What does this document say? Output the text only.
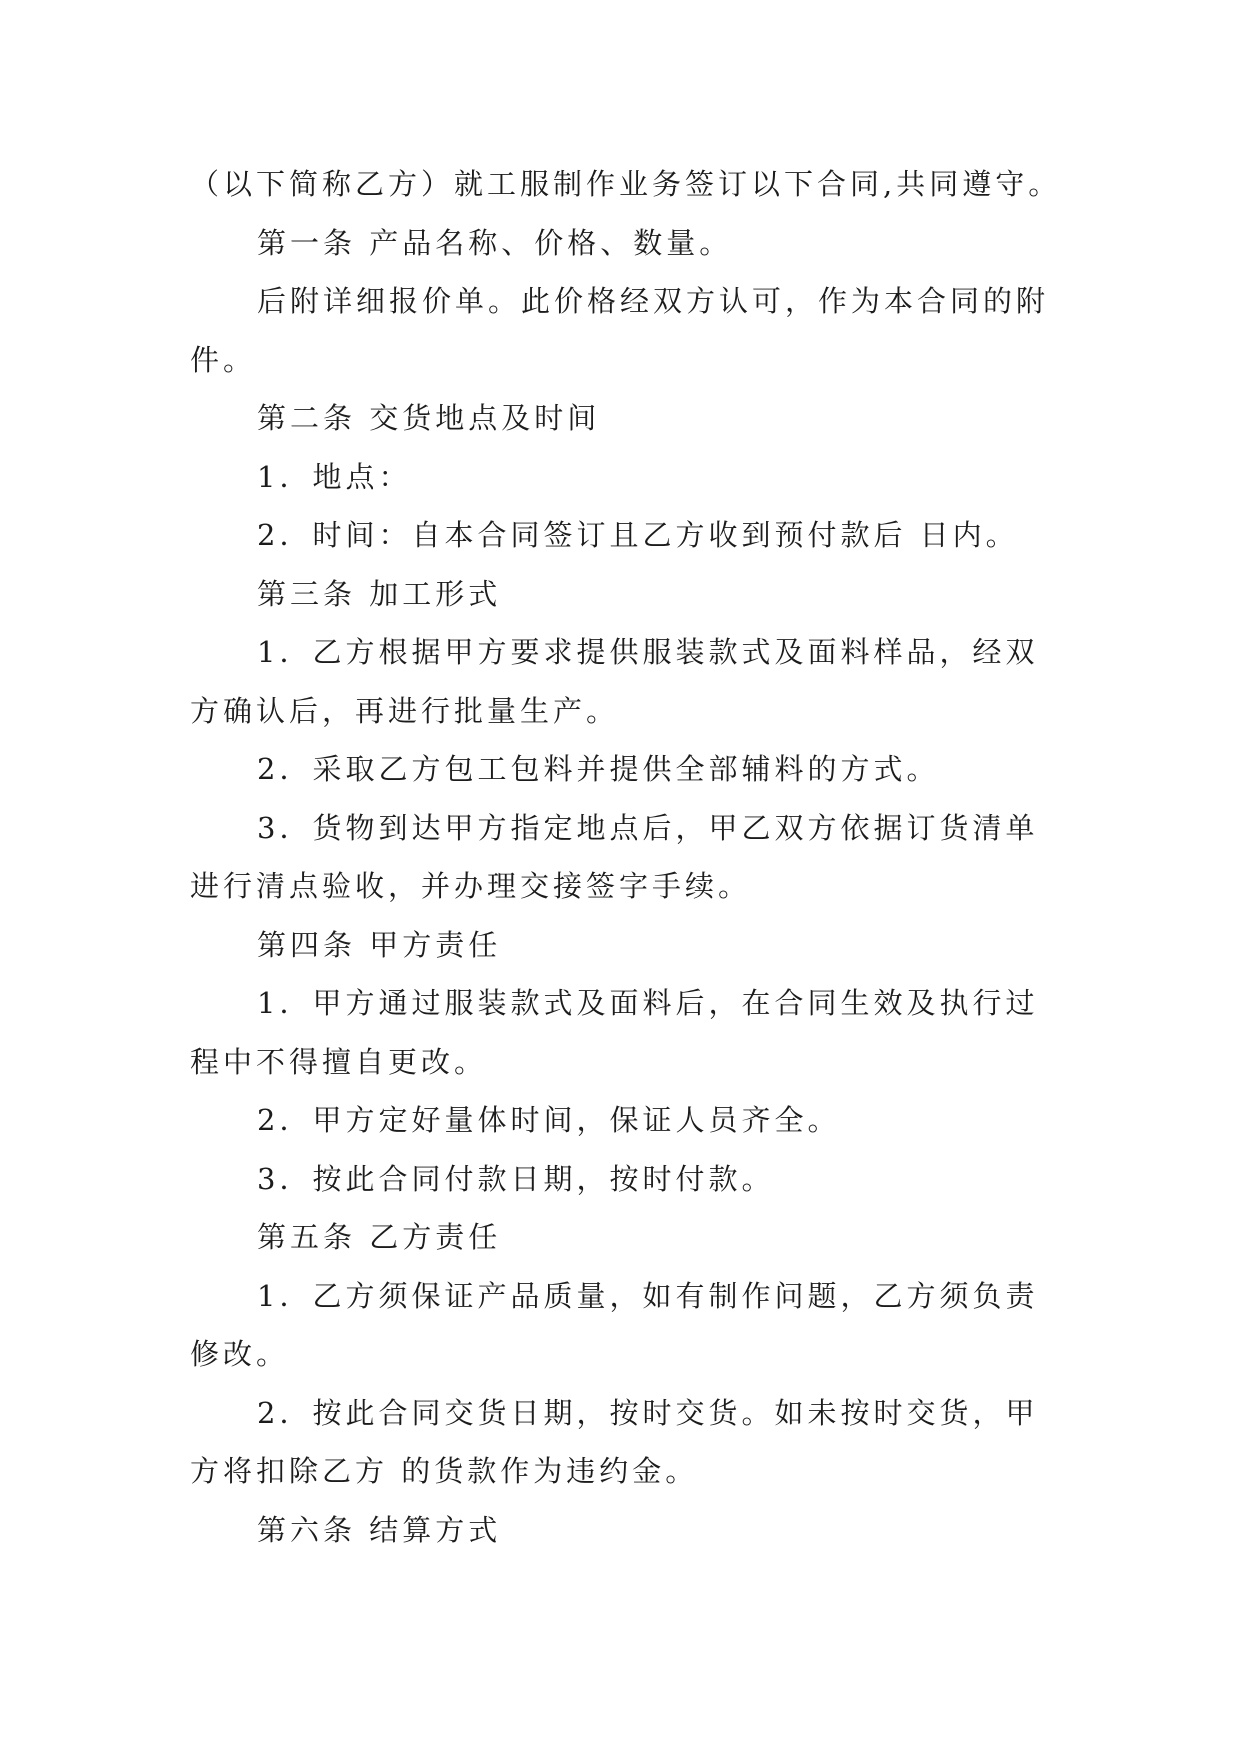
（以下简称乙方）就工服制作业务签订以下合同,共同遵守。
第一条 产品名称、价格、数量。
后附详细报价单。此价格经双方认可，作为本合同的附
件。
第二条 交货地点及时间
1．地点：
2．时间：自本合同签订且乙方收到预付款后 日内。
第三条 加工形式
1．乙方根据甲方要求提供服装款式及面料样品，经双
方确认后，再进行批量生产。
2．采取乙方包工包料并提供全部辅料的方式。
3．货物到达甲方指定地点后，甲乙双方依据订货清单
进行清点验收，并办理交接签字手续。
第四条 甲方责任
1．甲方通过服装款式及面料后，在合同生效及执行过
程中不得擅自更改。
2．甲方定好量体时间，保证人员齐全。
3．按此合同付款日期，按时付款。
第五条 乙方责任
1．乙方须保证产品质量，如有制作问题，乙方须负责
修改。
2．按此合同交货日期，按时交货。如未按时交货，甲
方将扣除乙方 的货款作为违约金。
第六条 结算方式
